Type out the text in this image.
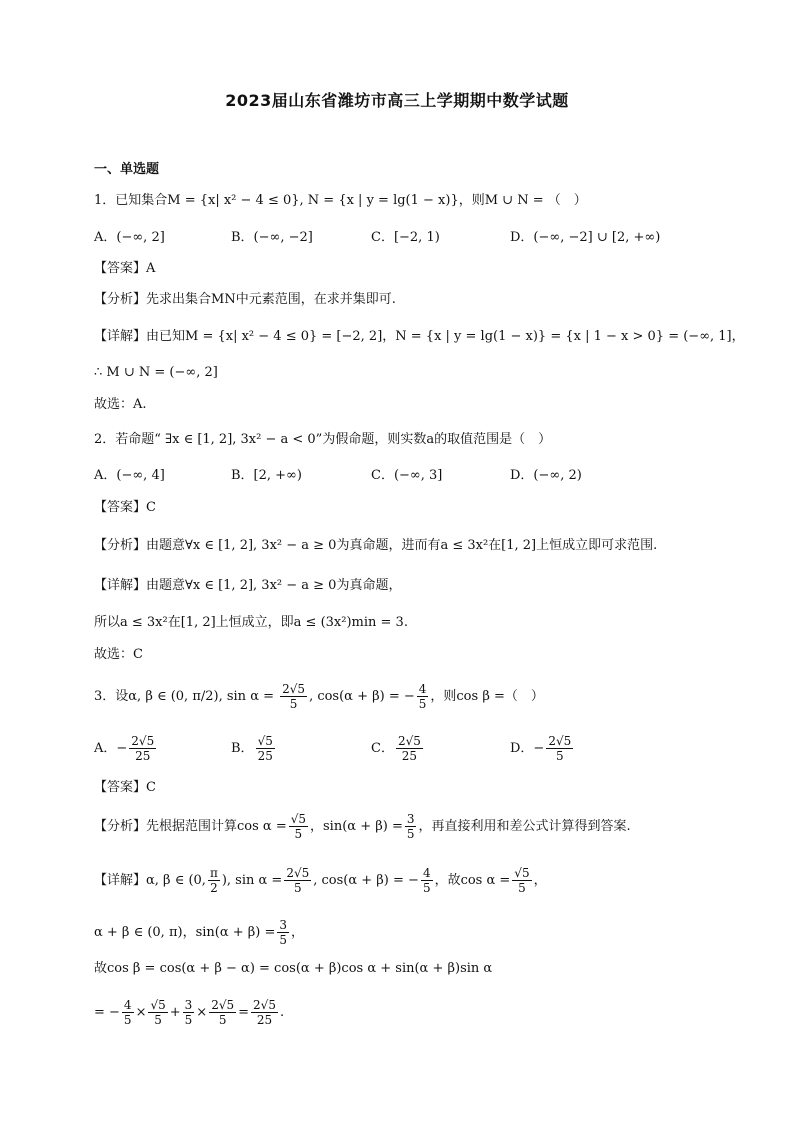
2023届山东省潍坊市高三上学期期中数学试题
一、单选题
1．已知集合M = {x| x² − 4 ≤ 0}, N = {x | y = lg(1 − x)}，则M ∪ N = （　）
A．(−∞, 2]	B．(−∞, −2]	C．[−2, 1)	D．(−∞, −2] ∪ [2, +∞)
【答案】A
【分析】先求出集合MN中元素范围，在求并集即可.
【详解】由已知M = {x| x² − 4 ≤ 0} = [−2, 2]，N = {x | y = lg(1 − x)} = {x | 1 − x > 0} = (−∞, 1]，
∴ M ∪ N = (−∞, 2]
故选：A.
2．若命题“ ∃x ∈ [1, 2], 3x² − a < 0”为假命题，则实数a的取值范围是（　）
A．(−∞, 4]	B．[2, +∞)	C．(−∞, 3]	D．(−∞, 2)
【答案】C
【分析】由题意∀x ∈ [1, 2], 3x² − a ≥ 0为真命题，进而有a ≤ 3x²在[1, 2]上恒成立即可求范围.
【详解】由题意∀x ∈ [1, 2], 3x² − a ≥ 0为真命题，
所以a ≤ 3x²在[1, 2]上恒成立，即a ≤ (3x²)min = 3.
故选：C
3．设α, β ∈ (0, π/2), $\sin \alpha = \frac{2√5}{5}$ , cos(α + β) = − $\frac{4}{5}$ ，则cos β =（　）
A．− $\frac{2√5}{25}$	B． $\frac{√5}{25}$	C． $\frac{2√5}{25}$	D．− $\frac{2√5}{5}$
【答案】C
【分析】先根据范围计算$\cos \alpha = \frac{√5}{5}$ ，$\sin(\alpha + \beta) = \frac{3}{5}$ ，再直接利用和差公式计算得到答案.
【详解】α, β ∈ (0, $\frac{\pi}{2}$ ), $\sin \alpha = \frac{2√5}{5}$ , cos(α + β) = − $\frac{4}{5}$ ，故$\cos \alpha = \frac{√5}{5}$ ，
α + β ∈ (0, π)，$\sin(\alpha + \beta) = \frac{3}{5}$ ，
故cos β = cos(α + β − α) = cos(α + β)cos α + sin(α + β)sin α
= − $\frac{4}{5} \times \frac{√5}{5} + \frac{3}{5} \times \frac{2√5}{5} = \frac{2√5}{25}$ .
